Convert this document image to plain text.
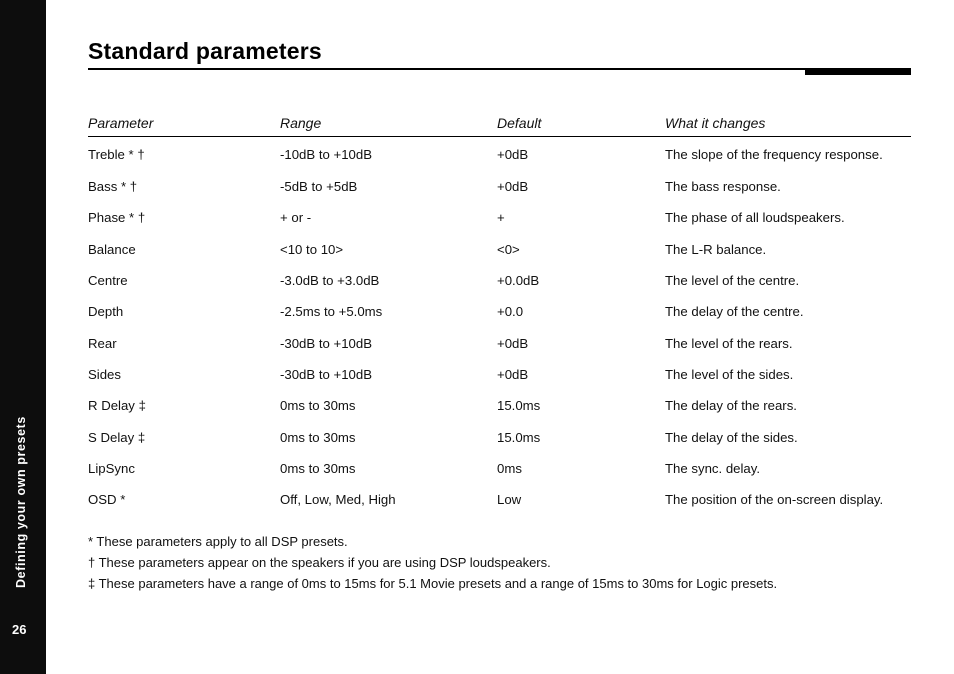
Defining your own presets
26
Standard parameters
Parameter	Range	Default	What it changes
Treble * †	-10dB to +10dB	+0dB	The slope of the frequency response.
Bass * †	-5dB to +5dB	+0dB	The bass response.
Phase * †	+ or -	+	The phase of all loudspeakers.
Balance	<10 to 10>	<0>	The L-R balance.
Centre	-3.0dB to +3.0dB	+0.0dB	The level of the centre.
Depth	-2.5ms to +5.0ms	+0.0	The delay of the centre.
Rear	-30dB to +10dB	+0dB	The level of the rears.
Sides	-30dB to +10dB	+0dB	The level of the sides.
R Delay ‡	0ms to 30ms	15.0ms	The delay of the rears.
S Delay ‡	0ms to 30ms	15.0ms	The delay of the sides.
LipSync	0ms to 30ms	0ms	The sync. delay.
OSD *	Off, Low, Med, High	Low	The position of the on-screen display.
* These parameters apply to all DSP presets.
† These parameters appear on the speakers if you are using DSP loudspeakers.
‡ These parameters have a range of 0ms to 15ms for 5.1 Movie presets and a range of 15ms to 30ms for Logic presets.
